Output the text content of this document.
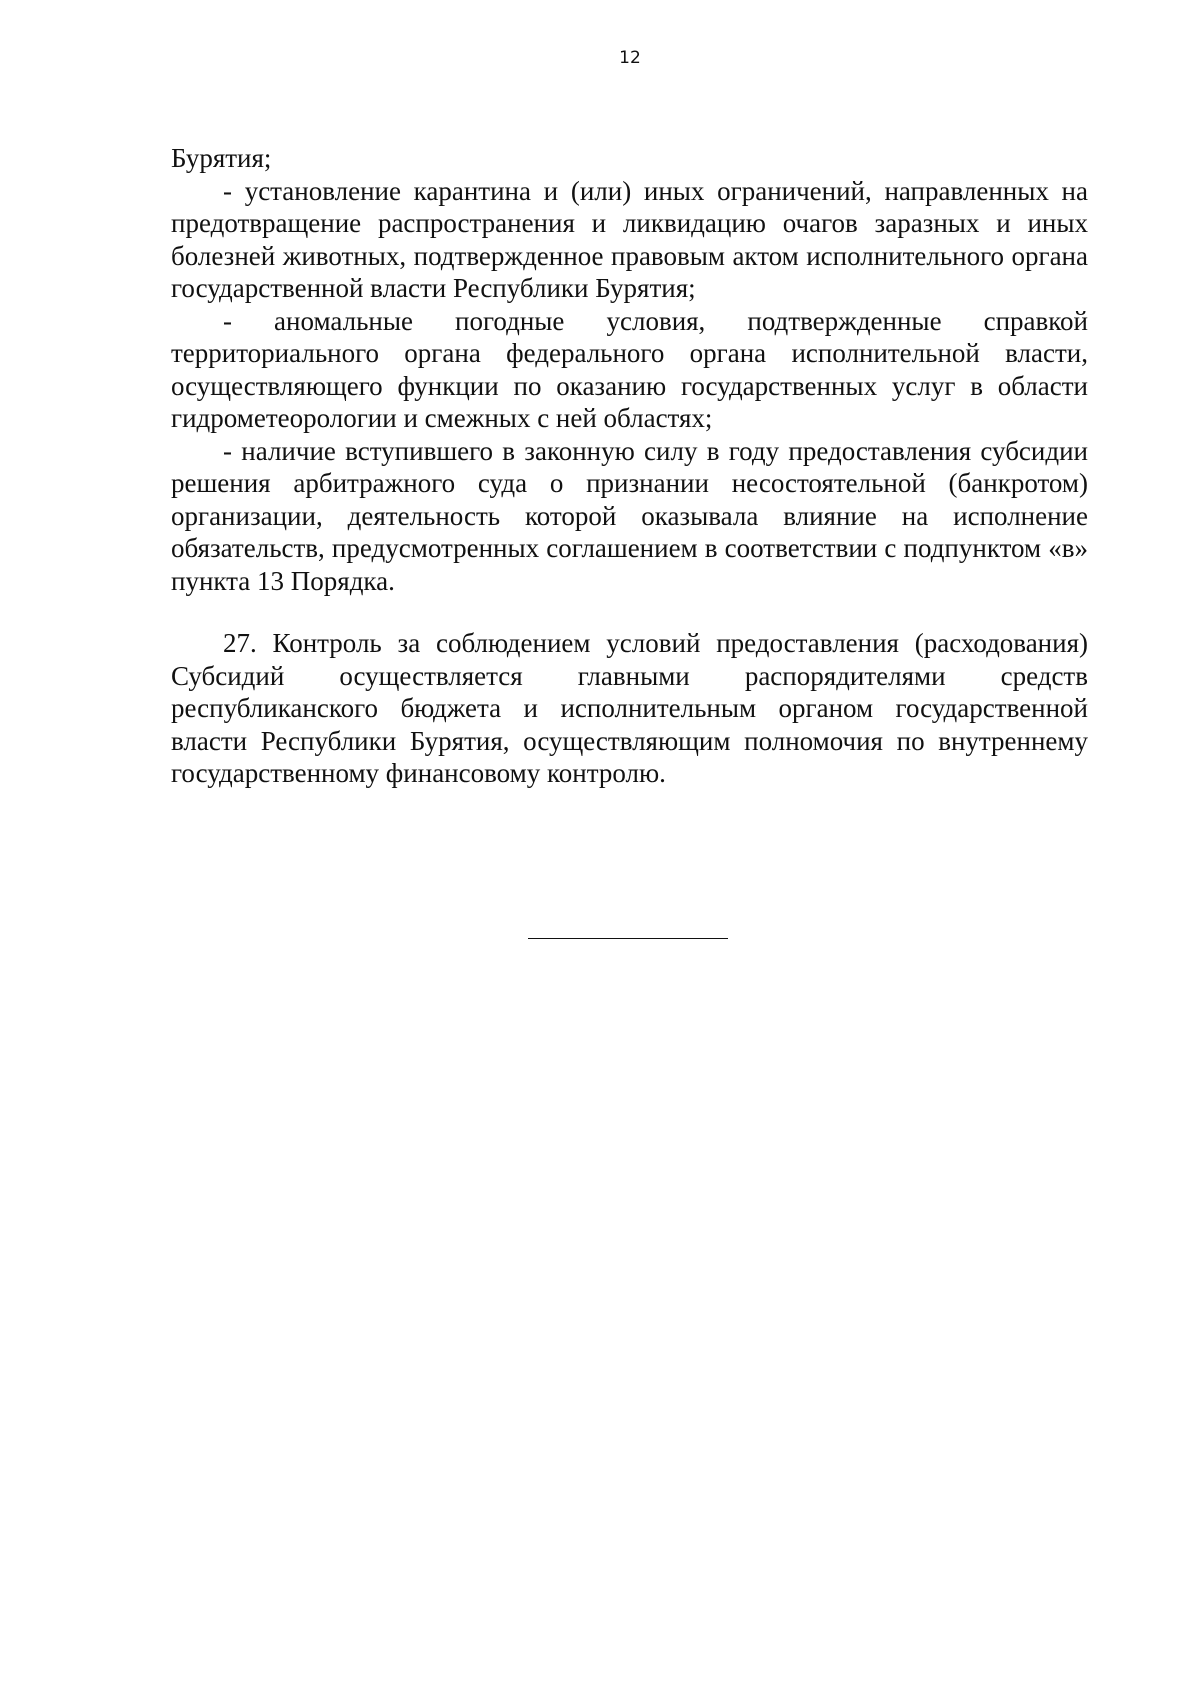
12

Бурятия;

- установление карантина и (или) иных ограничений, направленных на предотвращение распространения и ликвидацию очагов заразных и иных болезней животных, подтвержденное правовым актом исполнительного органа государственной власти Республики Бурятия;

- аномальные погодные условия, подтвержденные справкой территориального органа федерального органа исполнительной власти, осуществляющего функции по оказанию государственных услуг в области гидрометеорологии и смежных с ней областях;

- наличие вступившего в законную силу в году предоставления субсидии решения арбитражного суда о признании несостоятельной (банкротом) организации, деятельность которой оказывала влияние на исполнение обязательств, предусмотренных соглашением в соответствии с подпунктом «в» пункта 13 Порядка.

27. Контроль за соблюдением условий предоставления (расходования) Субсидий осуществляется главными распорядителями средств республиканского бюджета и исполнительным органом государственной власти Республики Бурятия, осуществляющим полномочия по внутреннему государственному финансовому контролю.
